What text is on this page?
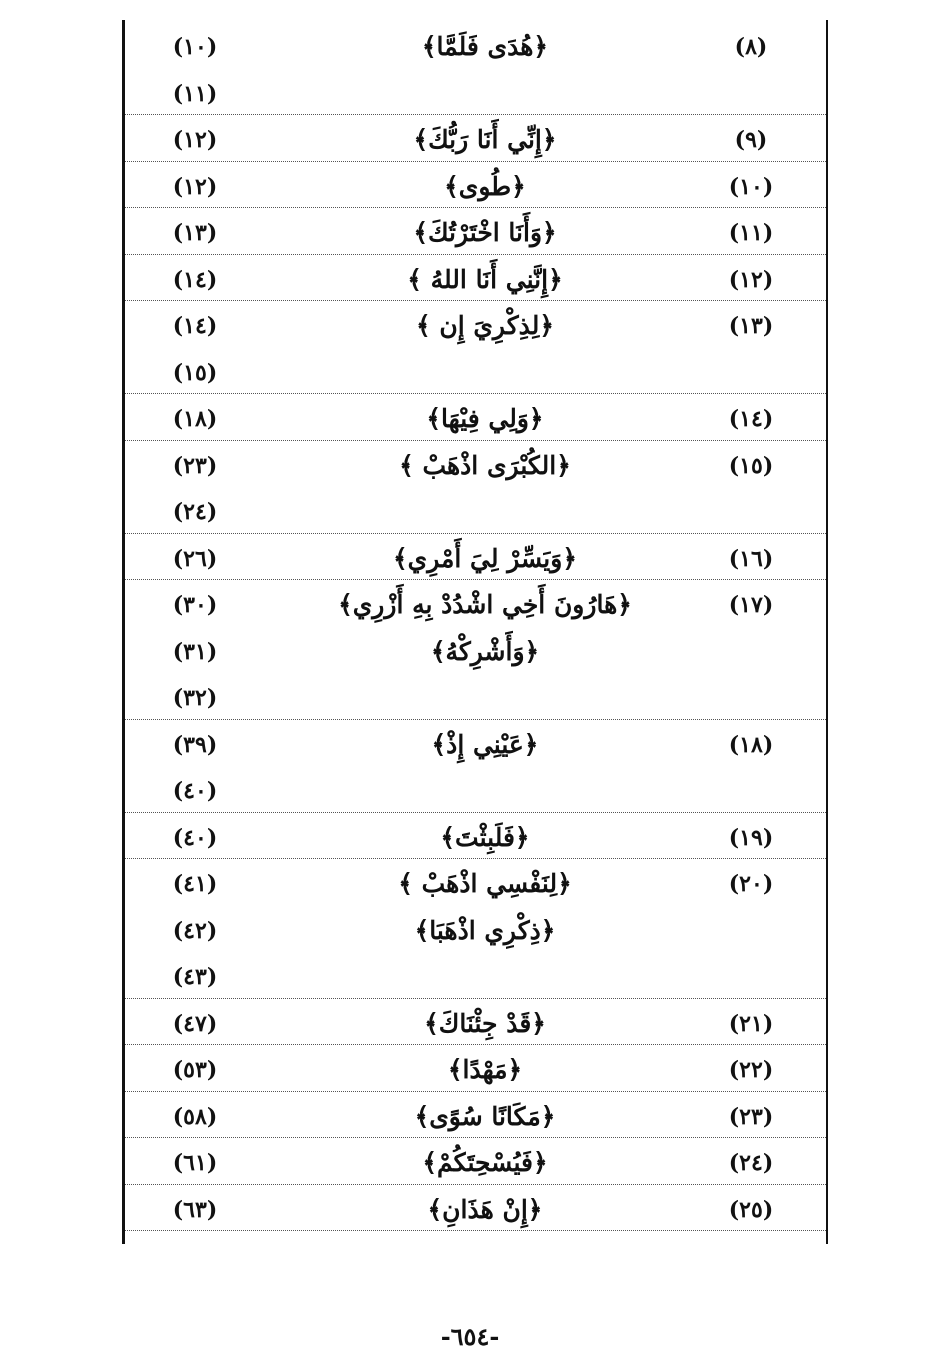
(١٠)	﴿هُدَى فَلَمَّا﴾	(٨)
(١١)
(١٢)	﴿إِنِّي أَنَا رَبُّكَ﴾	(٩)
(١٢)	﴿طُوى﴾	(١٠)
(١٣)	﴿وَأَنَا اخْتَرْتُكَ﴾	(١١)
(١٤)	﴿إِنَّنِي أَنَا اللهُ ﴾	(١٢)
(١٤)	﴿لِذِكْرِيَ إِن ﴾	(١٣)
(١٥)
(١٨)	﴿وَلِي فِيْهَا﴾	(١٤)
(٢٣)	﴿الكُبْرَى اذْهَبْ ﴾	(١٥)
(٢٤)
(٢٦)	﴿وَيَسِّرْ لِيَ أَمْرِي﴾	(١٦)
(٣٠)	﴿هَارُونَ أَخِي اشْدُدْ بِهِ أَزْرِي﴾	(١٧)
(٣١)	﴿وَأَشْرِكْهُ﴾
(٣٢)
(٣٩)	﴿عَيْنِي إِذْ﴾	(١٨)
(٤٠)
(٤٠)	﴿فَلَبِثْتَ﴾	(١٩)
(٤١)	﴿لِنَفْسِي اذْهَبْ ﴾	(٢٠)
(٤٢)	﴿ذِكْرِي اذْهَبَا﴾
(٤٣)
(٤٧)	﴿قَدْ جِئْنَاكَ﴾	(٢١)
(٥٣)	﴿مَهْدًا﴾	(٢٢)
(٥٨)	﴿مَكَانًا سُوًى﴾	(٢٣)
(٦١)	﴿فَيُسْحِتَكُمْ﴾	(٢٤)
(٦٣)	﴿إِنْ هَذَانِ﴾	(٢٥)
-٦٥٤-
